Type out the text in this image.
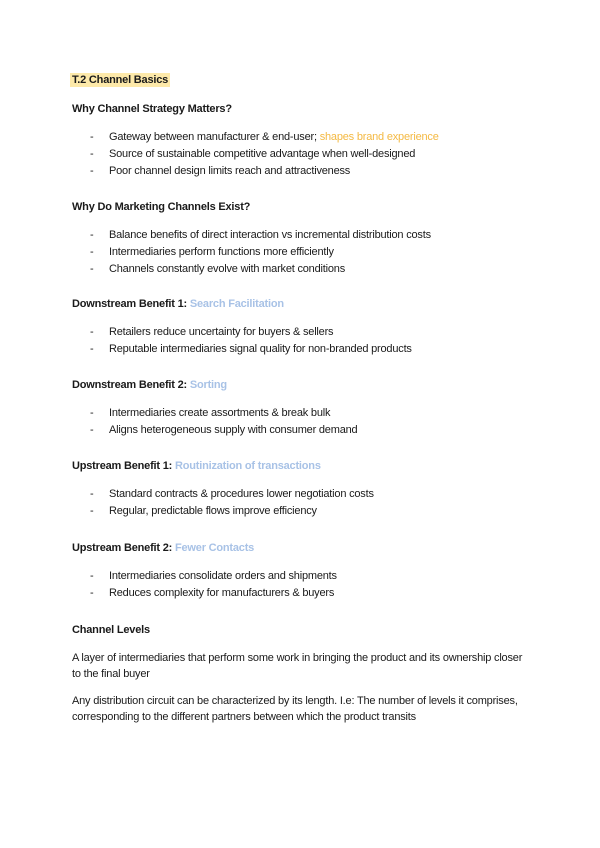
T.2 Channel Basics
Why Channel Strategy Matters?
- Gateway between manufacturer & end-user; shapes brand experience
- Source of sustainable competitive advantage when well-designed
- Poor channel design limits reach and attractiveness
Why Do Marketing Channels Exist?
- Balance benefits of direct interaction vs incremental distribution costs
- Intermediaries perform functions more efficiently
- Channels constantly evolve with market conditions
Downstream Benefit 1: Search Facilitation
- Retailers reduce uncertainty for buyers & sellers
- Reputable intermediaries signal quality for non-branded products
Downstream Benefit 2: Sorting
- Intermediaries create assortments & break bulk
- Aligns heterogeneous supply with consumer demand
Upstream Benefit 1: Routinization of transactions
- Standard contracts & procedures lower negotiation costs
- Regular, predictable flows improve efficiency
Upstream Benefit 2: Fewer Contacts
- Intermediaries consolidate orders and shipments
- Reduces complexity for manufacturers & buyers
Channel Levels

A layer of intermediaries that perform some work in bringing the product and its ownership closer to the final buyer

Any distribution circuit can be characterized by its length. I.e: The number of levels it comprises, corresponding to the different partners between which the product transits
